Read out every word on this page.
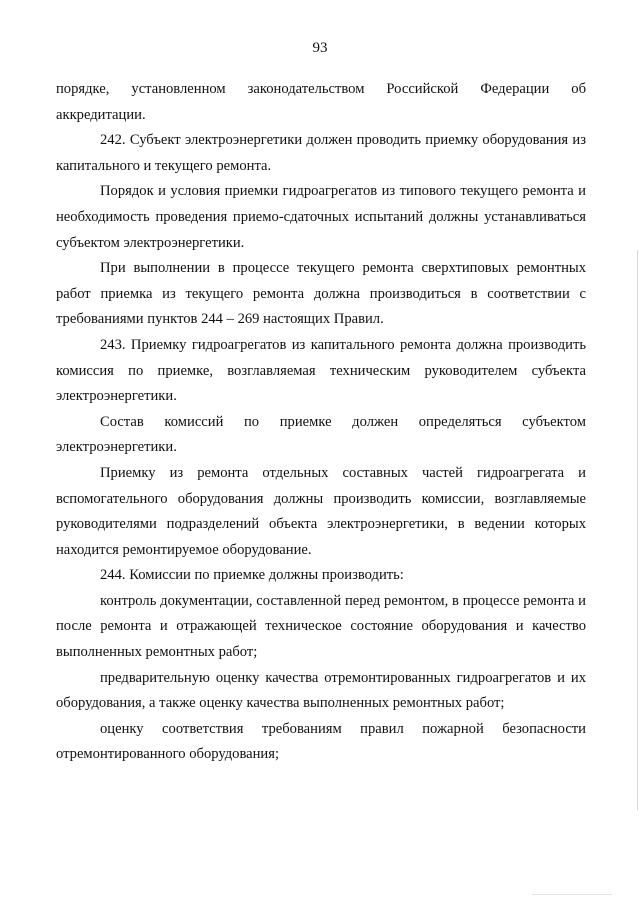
93

порядке, установленном законодательством Российской Федерации об аккредитации.

242. Субъект электроэнергетики должен проводить приемку оборудования из капитального и текущего ремонта.

Порядок и условия приемки гидроагрегатов из типового текущего ремонта и необходимость проведения приемо-сдаточных испытаний должны устанавливаться субъектом электроэнергетики.

При выполнении в процессе текущего ремонта сверхтиповых ремонтных работ приемка из текущего ремонта должна производиться в соответствии с требованиями пунктов 244 – 269 настоящих Правил.

243. Приемку гидроагрегатов из капитального ремонта должна производить комиссия по приемке, возглавляемая техническим руководителем субъекта электроэнергетики.

Состав комиссий по приемке должен определяться субъектом электроэнергетики.

Приемку из ремонта отдельных составных частей гидроагрегата и вспомогательного оборудования должны производить комиссии, возглавляемые руководителями подразделений объекта электроэнергетики, в ведении которых находится ремонтируемое оборудование.

244. Комиссии по приемке должны производить:

контроль документации, составленной перед ремонтом, в процессе ремонта и после ремонта и отражающей техническое состояние оборудования и качество выполненных ремонтных работ;

предварительную оценку качества отремонтированных гидроагрегатов и их оборудования, а также оценку качества выполненных ремонтных работ;

оценку соответствия требованиям правил пожарной безопасности отремонтированного оборудования;
